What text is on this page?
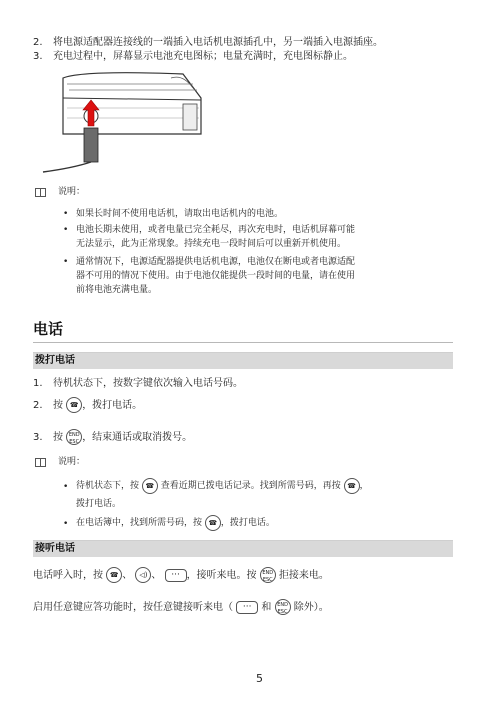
2. 将电源适配器连接线的一端插入电话机电源插孔中，另一端插入电源插座。
3. 充电过程中，屏幕显示电池充电图标；电量充满时，充电图标静止。
说明：
• 如果长时间不使用电话机，请取出电话机内的电池。
• 电池长期未使用，或者电量已完全耗尽，再次充电时，电话机屏幕可能
无法显示，此为正常现象。持续充电一段时间后可以重新开机使用。
• 通常情况下，电源适配器提供电话机电源，电池仅在断电或者电源适配
器不可用的情况下使用。由于电池仅能提供一段时间的电量，请在使用
前将电池充满电量。
电话
拨打电话
1. 待机状态下，按数字键依次输入电话号码。
2. 按 ☎ ，拨打电话。
3. 按 END
ESC ，结束通话或取消拨号。
说明：
• 待机状态下，按 ☎ 查看近期已拨电话记录。找到所需号码，再按 ☎ ，
拨打电话。
• 在电话簿中，找到所需号码，按 ☎ ，拨打电话。
接听电话
电话呼入时，按 ☎ 、 ◁) 、 ··· ，接听来电。按 END
ESC 拒接来电。
启用任意键应答功能时，按任意键接听来电（ ··· 和 END
ESC 除外）。
5
